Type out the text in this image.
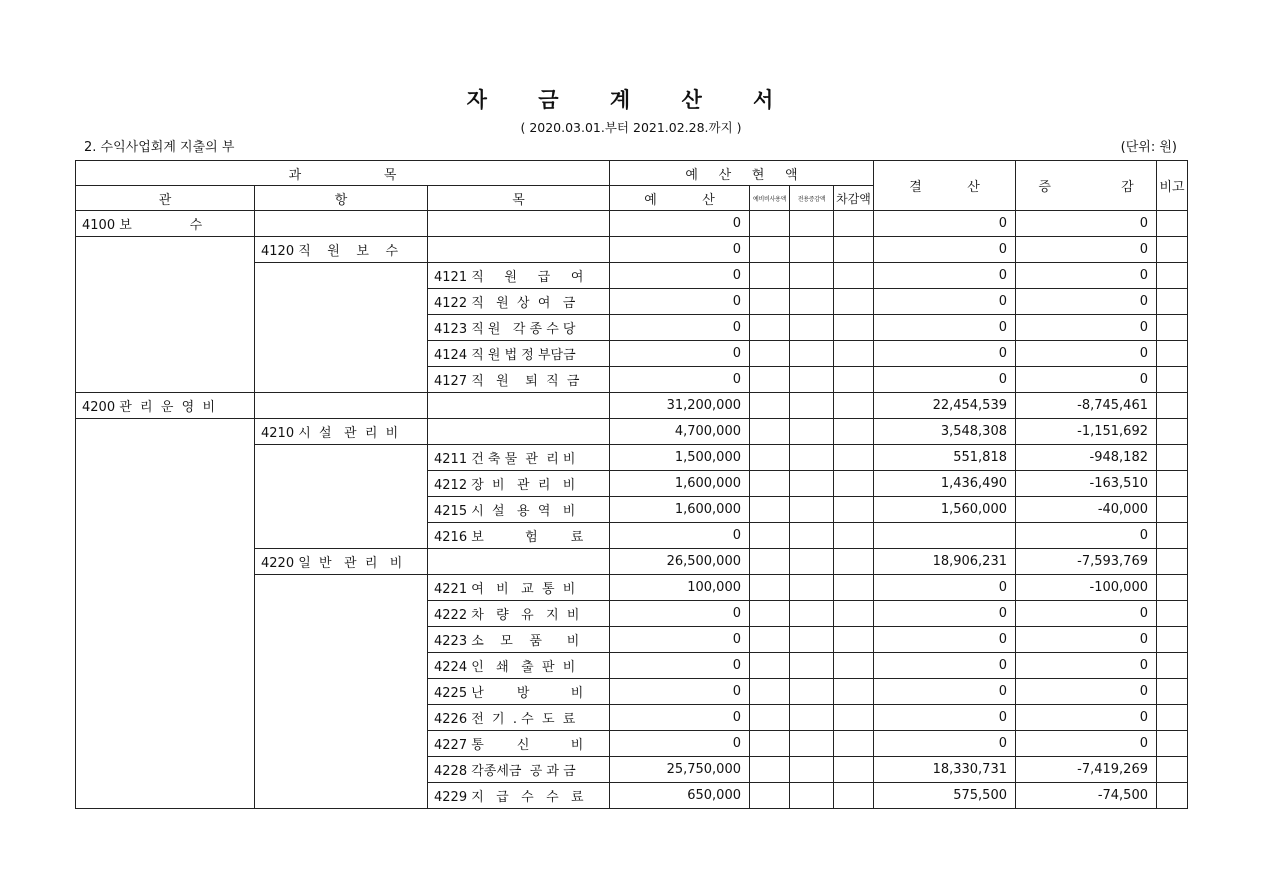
자 금 계 산 서
( 2020.03.01.부터 2021.02.28.까지 )
2. 수익사업회계 지출의 부	(단위: 원)
과                    목			예     산     현     액				결           산	증                 감	비고
관	항	목	예           산	예비비사용액	전용증감액	차감액			
4100 보              수			0				0	0	
	4120 직    원    보    수		0				0	0	
		4121 직     원     급     여	0				0	0	
		4122 직   원  상  여   금	0				0	0	
		4123 직 원   각 종 수 당	0				0	0	
		4124 직 원 법 정 부담금	0				0	0	
		4127 직   원    퇴  직  금	0				0	0	
4200 관  리  운  영  비			31,200,000				22,454,539	-8,745,461	
	4210 시  설   관  리  비		4,700,000				3,548,308	-1,151,692	
		4211 건 축 물  관  리 비	1,500,000				551,818	-948,182	
		4212 장  비   관  리   비	1,600,000				1,436,490	-163,510	
		4215 시  설   용  역   비	1,600,000				1,560,000	-40,000	
		4216 보          험        료	0					0	
	4220 일  반   관  리   비		26,500,000				18,906,231	-7,593,769	
		4221 여   비   교  통  비	100,000				0	-100,000	
		4222 차   량   유   지  비	0				0	0	
		4223 소    모    품      비	0				0	0	
		4224 인   쇄   출  판  비	0				0	0	
		4225 난        방          비	0				0	0	
		4226 전  기  . 수  도  료	0				0	0	
		4227 통        신          비	0				0	0	
		4228 각종세금  공 과 금	25,750,000				18,330,731	-7,419,269	
		4229 지   급   수   수   료	650,000				575,500	-74,500	
